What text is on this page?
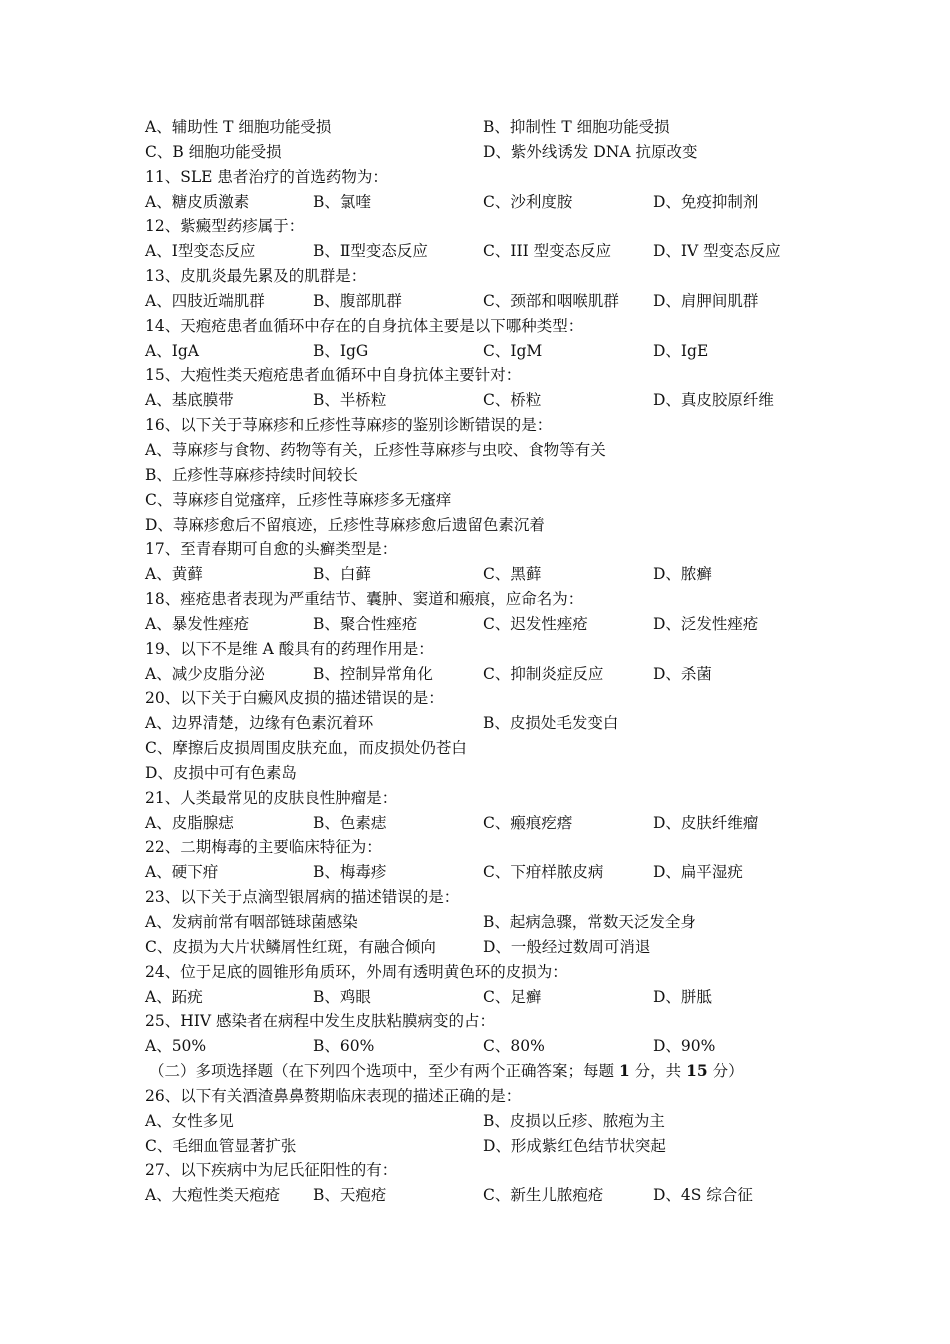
A、辅助性 T 细胞功能受损	B、抑制性 T 细胞功能受损
C、B 细胞功能受损	D、紫外线诱发 DNA 抗原改变
11、SLE 患者治疗的首选药物为：
A、糖皮质激素	B、氯喹	C、沙利度胺	D、免疫抑制剂
12、紫癜型药疹属于：
A、Ⅰ型变态反应	B、Ⅱ型变态反应	C、III 型变态反应	D、IV 型变态反应
13、皮肌炎最先累及的肌群是：
A、四肢近端肌群	B、腹部肌群	C、颈部和咽喉肌群 D、肩胛间肌群
14、天疱疮患者血循环中存在的自身抗体主要是以下哪种类型：
A、IgA	B、IgG	C、IgM	D、IgE
15、大疱性类天疱疮患者血循环中自身抗体主要针对：
A、基底膜带	B、半桥粒	C、桥粒	D、真皮胶原纤维
16、以下关于荨麻疹和丘疹性荨麻疹的鉴别诊断错误的是：
A、荨麻疹与食物、药物等有关，丘疹性荨麻疹与虫咬、食物等有关
B、丘疹性荨麻疹持续时间较长
C、荨麻疹自觉瘙痒，丘疹性荨麻疹多无瘙痒
D、荨麻疹愈后不留痕迹，丘疹性荨麻疹愈后遗留色素沉着
17、至青春期可自愈的头癣类型是：
A、黄藓	B、白藓	C、黑藓	D、脓癣
18、痤疮患者表现为严重结节、囊肿、窦道和瘢痕，应命名为：
A、暴发性痤疮	B、聚合性痤疮	C、迟发性痤疮	D、泛发性痤疮
19、以下不是维 A 酸具有的药理作用是：
A、减少皮脂分泌	B、控制异常角化	C、抑制炎症反应	D、杀菌
20、以下关于白癜风皮损的描述错误的是：
A、边界清楚，边缘有色素沉着环	B、皮损处毛发变白
C、摩擦后皮损周围皮肤充血，而皮损处仍苍白
D、皮损中可有色素岛
21、人类最常见的皮肤良性肿瘤是：
A、皮脂腺痣	B、色素痣	C、瘢痕疙瘩	D、皮肤纤维瘤
22、二期梅毒的主要临床特征为：
A、硬下疳	B、梅毒疹	C、下疳样脓皮病	D、扁平湿疣
23、以下关于点滴型银屑病的描述错误的是：
A、发病前常有咽部链球菌感染	B、起病急骤，常数天泛发全身
C、皮损为大片状鳞屑性红斑，有融合倾向	D、一般经过数周可消退
24、位于足底的圆锥形角质环，外周有透明黄色环的皮损为：
A、跖疣	B、鸡眼	C、足癣	D、胼胝
25、HIV 感染者在病程中发生皮肤粘膜病变的占：
A、50%	B、60%	C、80%	D、90%
（二）多项选择题（在下列四个选项中，至少有两个正确答案；每题 1 分，共 15 分）
26、以下有关酒渣鼻鼻赘期临床表现的描述正确的是：
A、女性多见	B、皮损以丘疹、脓疱为主
C、毛细血管显著扩张	D、形成紫红色结节状突起
27、以下疾病中为尼氏征阳性的有：
A、大疱性类天疱疮 B、天疱疮	C、新生儿脓疱疮	D、4S 综合征
